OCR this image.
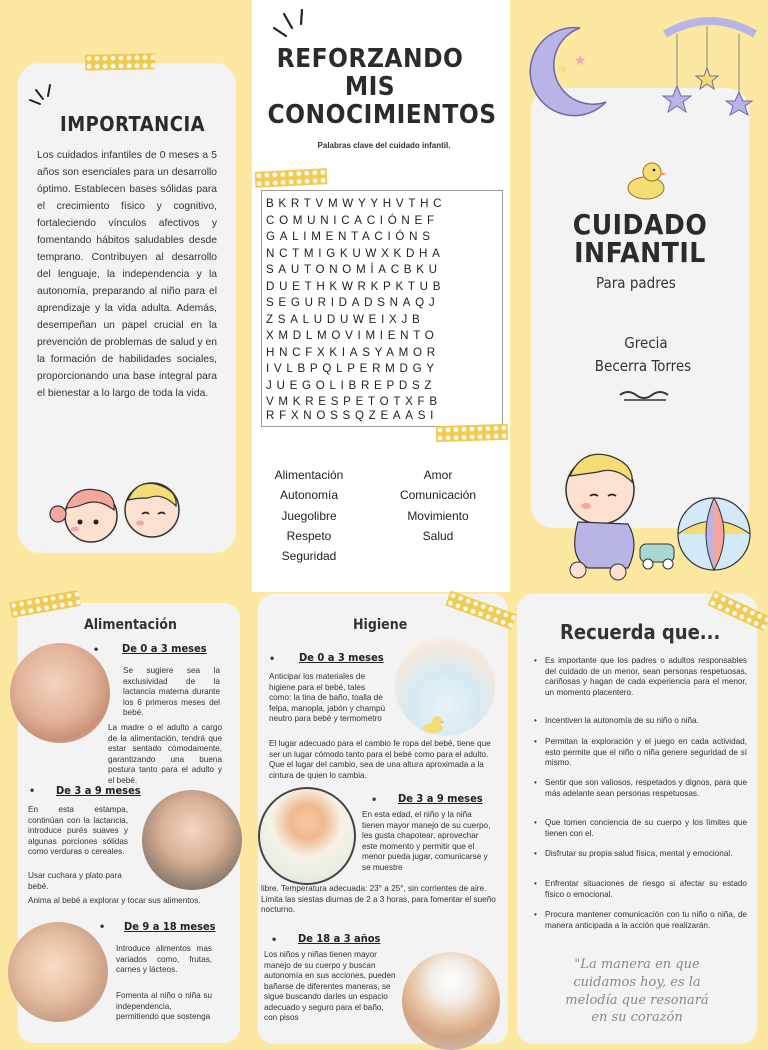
IMPORTANCIA
Los cuidados infantiles de 0 meses a 5 años son esenciales para un desarrollo óptimo. Establecen bases sólidas para el crecimiento físico y cognitivo, fortaleciendo vínculos afectivos y fomentando hábitos saludables desde temprano. Contribuyen al desarrollo del lenguaje, la independencia y la autonomía, preparando al niño para el aprendizaje y la vida adulta. Además, desempeñan un papel crucial en la prevención de problemas de salud y en la formación de habilidades sociales, proporcionando una base integral para el bienestar a lo largo de toda la vida.
REFORZANDO
MIS
CONOCIMIENTOS
Palabras clave del cuidado infantil.
BKRTVMWYYHVTHC
COMUNICACIÓNEF
GALIMENTACIÓNS
NCTMIGKUWXKDHA
SAUTONOMÍACBKU
DUETHKWRKPKTUB
SEGURIDADSNAQJ
ZSALUDUWEIXJB
XMDLMOVIMIENTO
HNCFXKIASYAMOR
IVLBPQLPERMDGY
JUEGOLIBREPDSZ
VMKRESPETOTXFB
RFXNOSSQZEAASI
Alimentación
Autonomía
Juegolibre
Respeto
Seguridad
Amor
Comunicación
Movimiento
Salud
★
★
CUIDADO
INFANTIL
Para padres
Grecia
Becerra Torres
Alimentación
• De 0 a 3 meses
Se sugiere sea la exclusividad de la lactancia materna durante los 6 primeros meses del bebé.
La madre o el adulto a cargo de la alimentación, tendrá que estar sentado cómodamente, garantizando una buena postura tanto para el adulto y el bebé.
• De 3 a 9 meses
En esta estampa, continúan con la lactancia, introduce purés suaves y algunas porciones sólidas como verduras o cereales.
Usar cuchara y plato para bebé.
Anima al bebé a explorar y tocar sus alimentos.
• De 9 a 18 meses
Introduce alimentos mas variados como, frutas, carnes y lácteos.
Fomenta al niño o niña su independencia, permitiendo que sostenga
Higiene
• De 0 a 3 meses
Anticipar los materiales de higiene para el bebé, tales como: la tina de baño, toalla de felpa, manopla, jabón y champú neutro para bebé y termometro
El lugar adecuado para el cambio fe ropa del bebé, tiene que ser un lugar cómodo tanto para el bebé como para el adulto. Que el lugar del cambio, sea de una altura aproximada a la cintura de quien lo cambia.
• De 3 a 9 meses
En esta edad, el niño y la niña tienen mayor manejo de su cuerpo, les gusta chapotear, aprovechar este momento y permitir que el menor pueda jugar, comunicarse y se muestre
libre. Temperatura adecuada: 23° a 25°, sin corrientes de aire. Limita las siestas diurnas de 2 a 3 horas, para fomentar el sueño nocturno.
• De 18 a 3 años
Los niños y niñas tienen mayor manejo de su cuerpo y buscan autonomía en sus acciones, pueden bañarse de diferentes maneras, se sigue buscando darles un espacio adecuado y seguro para el baño, con pisos
Recuerda que...
• Es importante que los padres o adultos responsables del cuidado de un menor, sean personas respetuosas, cariñosas y hagan de cada experiencia para el menor, un momento placentero.
• Incentiven la autonomía de su niño o niña.
• Permitan la exploración y el juego en cada actividad, esto permite que el niño o niña genere seguridad de sí mismo.
• Sentir que son valiosos, respetados y dignos, para que más adelante sean personas respetuosas.
• Que tomen conciencia de su cuerpo y los límites que tienen con el.
• Disfrutar su propia salud física, mental y emocional.
• Enfrentar situaciones de riesgo si afectar su estado físico o emocional.
• Procura mantener comunicación con tu niño o niña, de manera anticipada a la acción que realizarán.
"La manera en que
cuidamos hoy, es la
melodía que resonará
en su corazón
